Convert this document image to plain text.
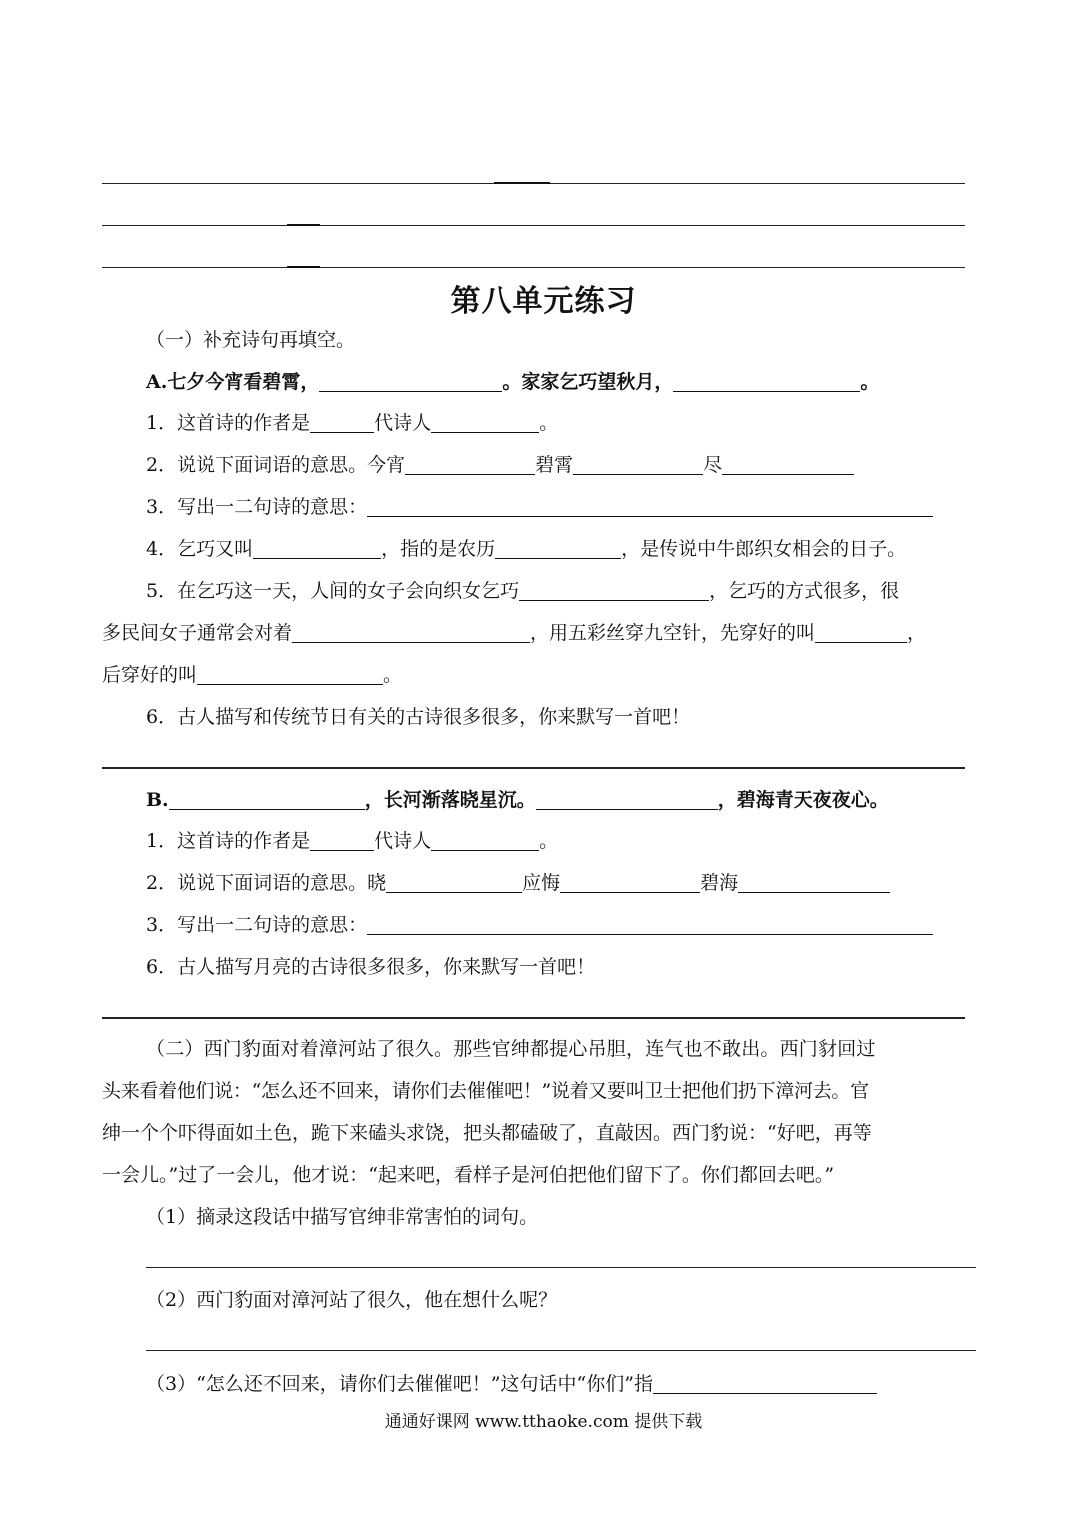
第八单元练习
（一）补充诗句再填空。
A.七夕今宵看碧霄，	。家家乞巧望秋月，	。
1．这首诗的作者是	代诗人	。
2．说说下面词语的意思。今宵	碧霄	尽
3．写出一二句诗的意思：
4．乞巧又叫	，指的是农历	，是传说中牛郎织女相会的日子。
5．在乞巧这一天，人间的女子会向织女乞巧	，乞巧的方式很多，很
多民间女子通常会对着	，用五彩丝穿九空针，先穿好的叫	，
后穿好的叫	。
6．古人描写和传统节日有关的古诗很多很多，你来默写一首吧！
B.	，长河渐落晓星沉。	，碧海青天夜夜心。
1．这首诗的作者是	代诗人	。
2．说说下面词语的意思。晓	应悔	碧海
3．写出一二句诗的意思：
6．古人描写月亮的古诗很多很多，你来默写一首吧！
（二）西门豹面对着漳河站了很久。那些官绅都提心吊胆，连气也不敢出。西门豺回过
头来看着他们说：“怎么还不回来，请你们去催催吧！”说着又要叫卫士把他们扔下漳河去。官
绅一个个吓得面如土色，跪下来磕头求饶，把头都磕破了，直敲因。西门豹说：“好吧，再等
一会儿。”过了一会儿，他才说：“起来吧，看样子是河伯把他们留下了。你们都回去吧。”
（1）摘录这段话中描写官绅非常害怕的词句。
（2）西门豹面对漳河站了很久，他在想什么呢？
（3）“怎么还不回来，请你们去催催吧！”这句话中“你们”指
通通好课网 www.tthaoke.com 提供下载
